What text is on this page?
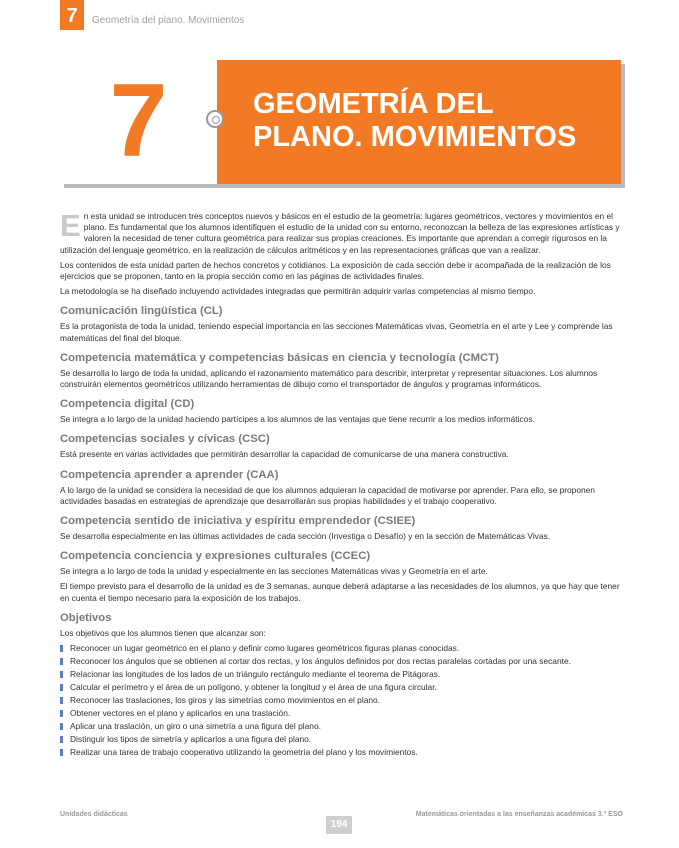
7	Geometría del plano. Movimientos
7	GEOMETRÍA DEL
PLANO. MOVIMIENTOS

En esta unidad se introducen tres conceptos nuevos y básicos en el estudio de la geometría: lugares geométricos, vectores y movimientos en el plano. Es fundamental que los alumnos identifiquen el estudio de la unidad con su entorno, reconozcan la belleza de las expresiones artísticas y valoren la necesidad de tener cultura geométrica para realizar sus propias creaciones. Es importante que aprendan a corregir rigurosos en la utilización del lenguaje geométrico, en la realización de cálculos aritméticos y en las representaciones gráficas que van a realizar.

Los contenidos de esta unidad parten de hechos concretos y cotidianos. La exposición de cada sección debe ir acompañada de la realización de los ejercicios que se proponen, tanto en la propia sección como en las páginas de actividades finales.

La metodología se ha diseñado incluyendo actividades integradas que permitirán adquirir varias competencias al mismo tiempo.

Comunicación lingüística (CL)

Es la protagonista de toda la unidad, teniendo especial importancia en las secciones Matemáticas vivas, Geometría en el arte y Lee y comprende las matemáticas del final del bloque.

Competencia matemática y competencias básicas en ciencia y tecnología (CMCT)

Se desarrolla lo largo de toda la unidad, aplicando el razonamiento matemático para describir, interpretar y representar situaciones. Los alumnos construirán elementos geométricos utilizando herramientas de dibujo como el transportador de ángulos y programas informáticos.

Competencia digital (CD)

Se integra a lo largo de la unidad haciendo partícipes a los alumnos de las ventajas que tiene recurrir a los medios informáticos.

Competencias sociales y cívicas (CSC)

Está presente en varias actividades que permitirán desarrollar la capacidad de comunicarse de una manera constructiva.

Competencia aprender a aprender (CAA)

A lo largo de la unidad se considera la necesidad de que los alumnos adquieran la capacidad de motivarse por aprender. Para ello, se proponen actividades basadas en estrategias de aprendizaje que desarrollarán sus propias habilidades y el trabajo cooperativo.

Competencia sentido de iniciativa y espíritu emprendedor (CSIEE)

Se desarrolla especialmente en las últimas actividades de cada sección (Investiga o Desafío) y en la sección de Matemáticas Vivas.

Competencia conciencia y expresiones culturales (CCEC)

Se integra a lo largo de toda la unidad y especialmente en las secciones Matemáticas vivas y Geometría en el arte.

El tiempo previsto para el desarrollo de la unidad es de 3 semanas, aunque deberá adaptarse a las necesidades de los alumnos, ya que hay que tener en cuenta el tiempo necesario para la exposición de los trabajos.

Objetivos

Los objetivos que los alumnos tienen que alcanzar son:

Reconocer un lugar geométrico en el plano y definir como lugares geométricos figuras planas conocidas.
Reconocer los ángulos que se obtienen al cortar dos rectas, y los ángulos definidos por dos rectas paralelas cortadas por una secante.
Relacionar las longitudes de los lados de un triángulo rectángulo mediante el teorema de Pitágoras.
Calcular el perímetro y el área de un polígono, y obtener la longitud y el área de una figura circular.
Reconocer las traslaciones, los giros y las simetrías como movimientos en el plano.
Obtener vectores en el plano y aplicarlos en una traslación.
Aplicar una traslación, un giro o una simetría a una figura del plano.
Distinguir los tipos de simetría y aplicarlos a una figura del plano.
Realizar una tarea de trabajo cooperativo utilizando la geometría del plano y los movimientos.
Unidades didácticas	Matemáticas orientadas a las enseñanzas académicas 3.º ESO
194
